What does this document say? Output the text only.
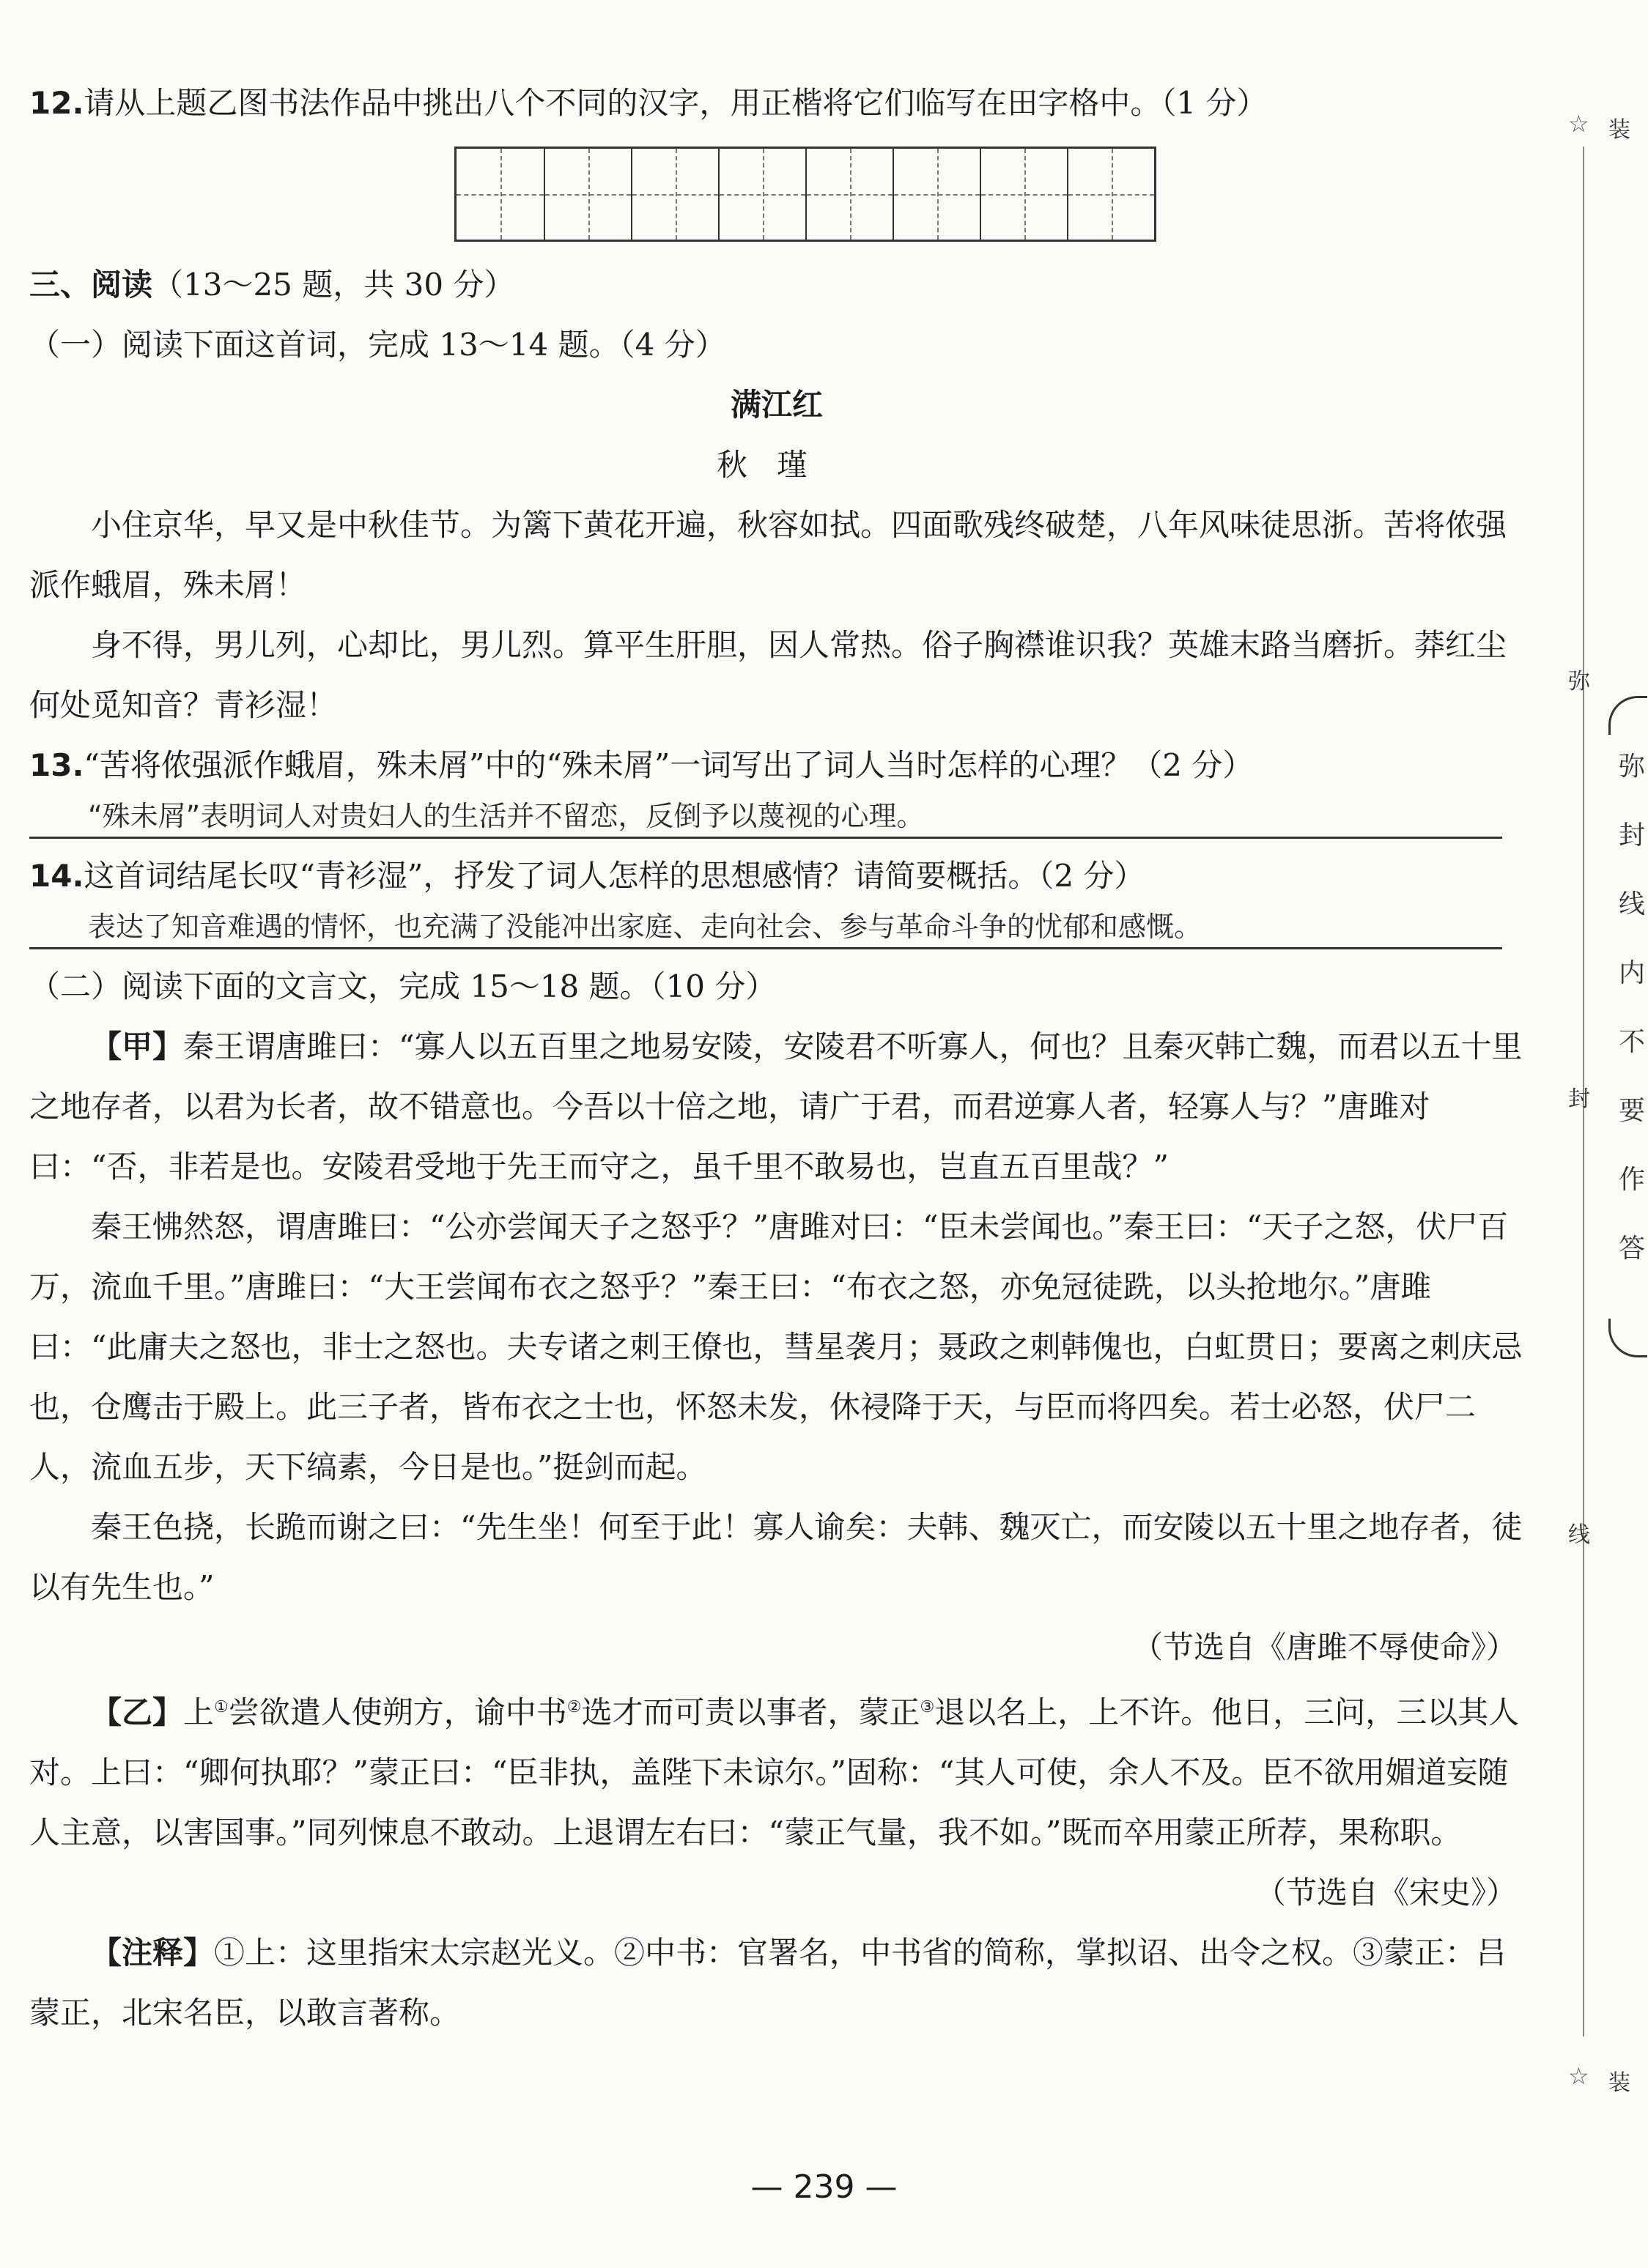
12.请从上题乙图书法作品中挑出八个不同的汉字，用正楷将它们临写在田字格中。（1 分）

三、阅读（13～25 题，共 30 分）

（一）阅读下面这首词，完成 13～14 题。（4 分）

满江红

秋瑾

小住京华，早又是中秋佳节。为篱下黄花开遍，秋容如拭。四面歌残终破楚，八年风味徒思浙。苦将侬强派作蛾眉，殊未屑！

身不得，男儿列，心却比，男儿烈。算平生肝胆，因人常热。俗子胸襟谁识我？英雄末路当磨折。莽红尘何处觅知音？青衫湿！

13.“苦将侬强派作蛾眉，殊未屑”中的“殊未屑”一词写出了词人当时怎样的心理？（2 分）

“殊未屑”表明词人对贵妇人的生活并不留恋，反倒予以蔑视的心理。

14.这首词结尾长叹“青衫湿”，抒发了词人怎样的思想感情？请简要概括。（2 分）

表达了知音难遇的情怀，也充满了没能冲出家庭、走向社会、参与革命斗争的忧郁和感慨。

（二）阅读下面的文言文，完成 15～18 题。（10 分）

【甲】秦王谓唐雎曰：“寡人以五百里之地易安陵，安陵君不听寡人，何也？且秦灭韩亡魏，而君以五十里之地存者，以君为长者，故不错意也。今吾以十倍之地，请广于君，而君逆寡人者，轻寡人与？”唐雎对曰：“否，非若是也。安陵君受地于先王而守之，虽千里不敢易也，岂直五百里哉？”

秦王怫然怒，谓唐雎曰：“公亦尝闻天子之怒乎？”唐雎对曰：“臣未尝闻也。”秦王曰：“天子之怒，伏尸百万，流血千里。”唐雎曰：“大王尝闻布衣之怒乎？”秦王曰：“布衣之怒，亦免冠徒跣，以头抢地尔。”唐雎曰：“此庸夫之怒也，非士之怒也。夫专诸之刺王僚也，彗星袭月；聂政之刺韩傀也，白虹贯日；要离之刺庆忌也，仓鹰击于殿上。此三子者，皆布衣之士也，怀怒未发，休祲降于天，与臣而将四矣。若士必怒，伏尸二人，流血五步，天下缟素，今日是也。”挺剑而起。

秦王色挠，长跪而谢之曰：“先生坐！何至于此！寡人谕矣：夫韩、魏灭亡，而安陵以五十里之地存者，徒以有先生也。”

（节选自《唐雎不辱使命》）

【乙】上①尝欲遣人使朔方，谕中书②选才而可责以事者，蒙正③退以名上，上不许。他日，三问，三以其人对。上曰：“卿何执耶？”蒙正曰：“臣非执，盖陛下未谅尔。”固称：“其人可使，余人不及。臣不欲用媚道妄随人主意，以害国事。”同列悚息不敢动。上退谓左右曰：“蒙正气量，我不如。”既而卒用蒙正所荐，果称职。

（节选自《宋史》）

【注释】①上：这里指宋太宗赵光义。②中书：官署名，中书省的简称，掌拟诏、出令之权。③蒙正：吕蒙正，北宋名臣，以敢言著称。

☆ 装
弥
封
线
☆ 装
弥
封
线
内
不
要
作
答
— 239 —
